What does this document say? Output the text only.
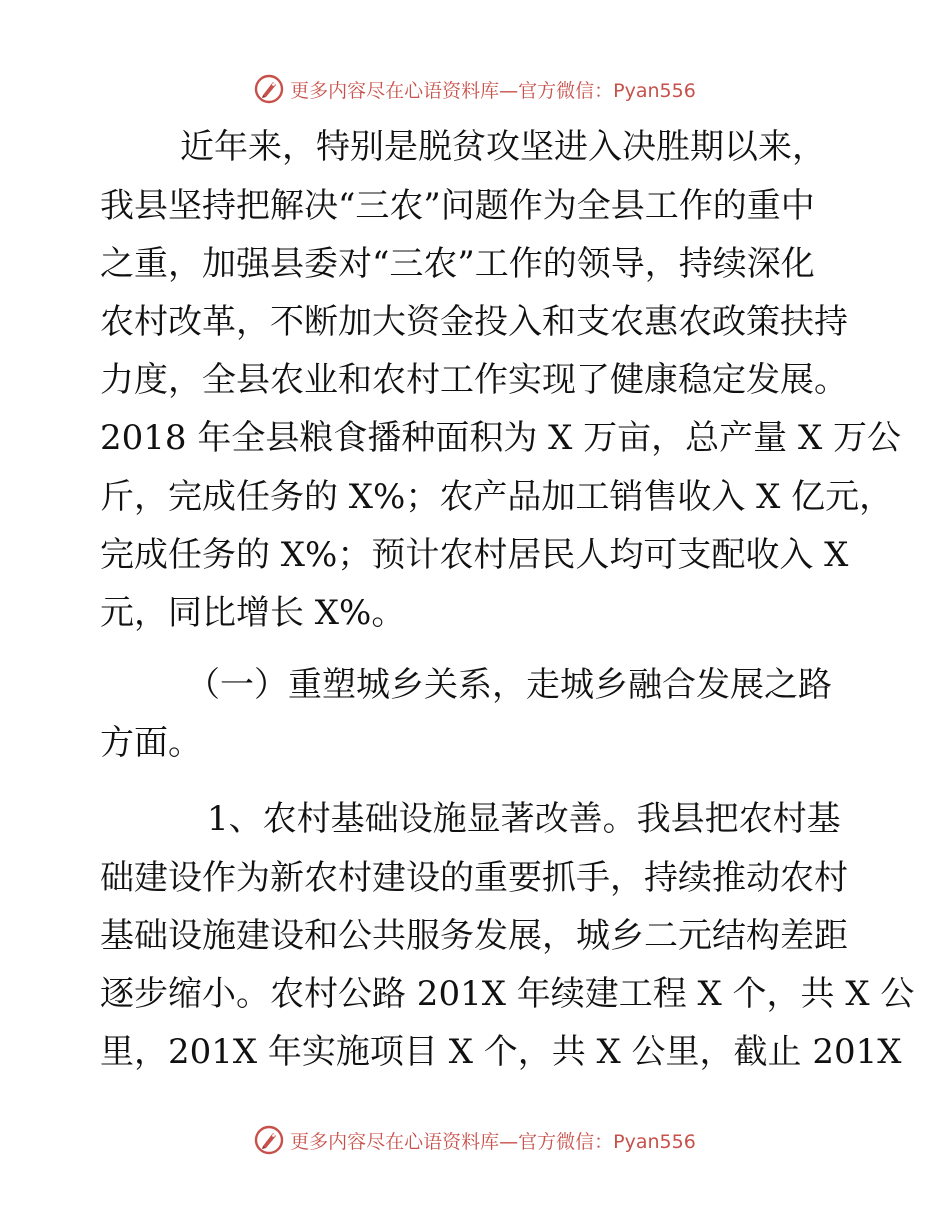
更多内容尽在心语资料库—官方微信：Pyan556
近年来，特别是脱贫攻坚进入决胜期以来，
我县坚持把解决“三农”问题作为全县工作的重中
之重，加强县委对“三农”工作的领导，持续深化
农村改革，不断加大资金投入和支农惠农政策扶持
力度，全县农业和农村工作实现了健康稳定发展。
2018 年全县粮食播种面积为 X 万亩，总产量 X 万公
斤，完成任务的 X%；农产品加工销售收入 X 亿元，
完成任务的 X%；预计农村居民人均可支配收入 X
元，同比增长 X%。
（一）重塑城乡关系，走城乡融合发展之路
方面。
1、农村基础设施显著改善。我县把农村基
础建设作为新农村建设的重要抓手，持续推动农村
基础设施建设和公共服务发展，城乡二元结构差距
逐步缩小。农村公路 201X 年续建工程 X 个，共 X 公
里，201X 年实施项目 X 个，共 X 公里，截止 201X
更多内容尽在心语资料库—官方微信：Pyan556
